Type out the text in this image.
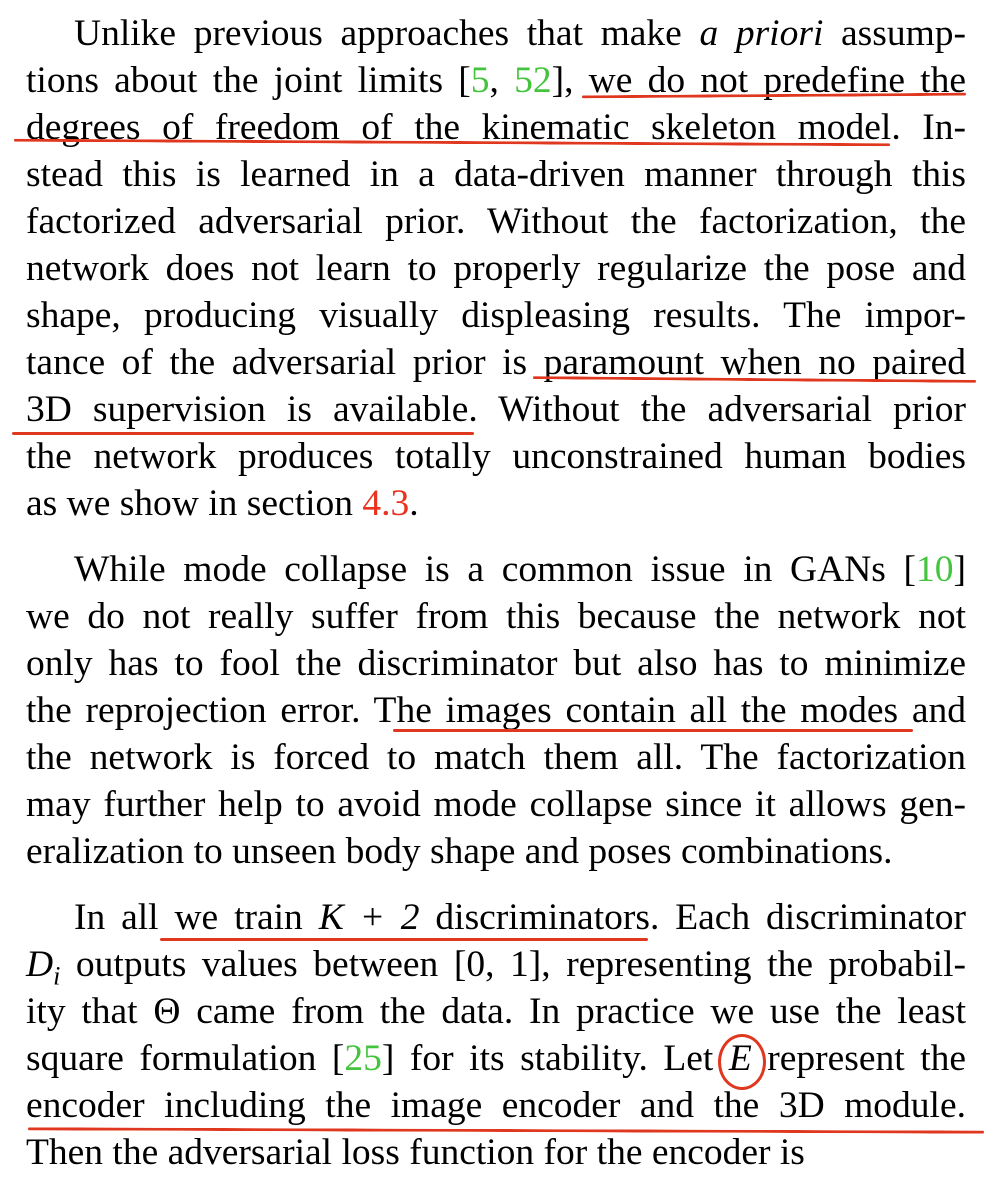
Unlike previous approaches that make a priori assump-
tions about the joint limits [5, 52], we do not predefine the
degrees of freedom of the kinematic skeleton model. In-
stead this is learned in a data-driven manner through this
factorized adversarial prior. Without the factorization, the
network does not learn to properly regularize the pose and
shape, producing visually displeasing results. The impor-
tance of the adversarial prior is paramount when no paired
3D supervision is available. Without the adversarial prior
the network produces totally unconstrained human bodies
as we show in section 4.3.
While mode collapse is a common issue in GANs [10]
we do not really suffer from this because the network not
only has to fool the discriminator but also has to minimize
the reprojection error. The images contain all the modes and
the network is forced to match them all. The factorization
may further help to avoid mode collapse since it allows gen-
eralization to unseen body shape and poses combinations.
In all we train K + 2 discriminators. Each discriminator
$D_i$ outputs values between [0, 1], representing the probabil-
ity that Θ came from the data. In practice we use the least
square formulation [25] for its stability. Let E represent the
encoder including the image encoder and the 3D module.
Then the adversarial loss function for the encoder is
